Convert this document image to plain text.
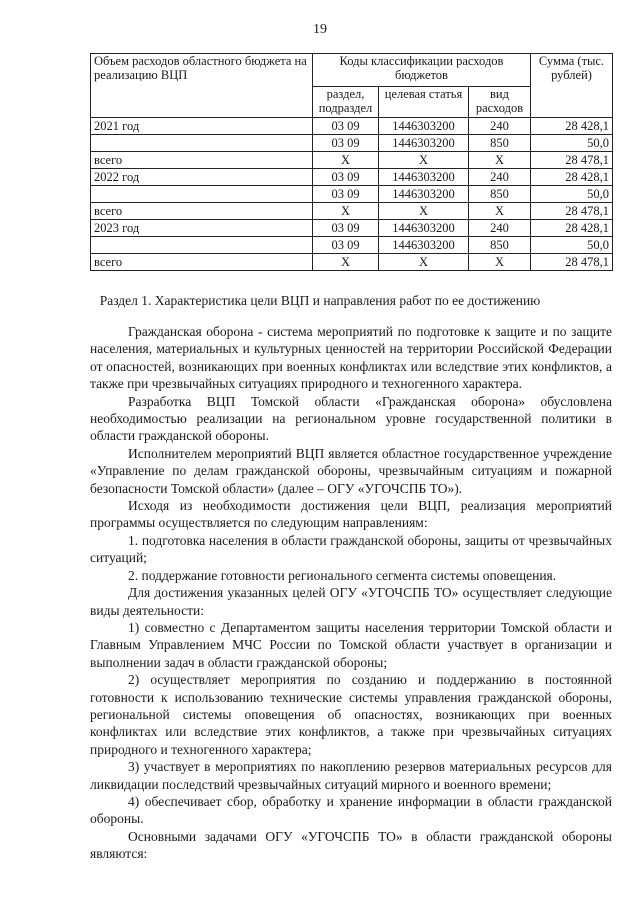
19
Объем расходов областного бюджета на реализацию ВЦП	Коды классификации расходов бюджетов			Сумма (тыс. рублей)
	раздел, подраздел	целевая статья	вид расходов	
2021 год	03 09	1446303200	240	28 428,1
	03 09	1446303200	850	50,0
всего	Х	Х	Х	28 478,1
2022 год	03 09	1446303200	240	28 428,1
	03 09	1446303200	850	50,0
всего	Х	Х	Х	28 478,1
2023 год	03 09	1446303200	240	28 428,1
	03 09	1446303200	850	50,0
всего	Х	Х	Х	28 478,1
Раздел 1. Характеристика цели ВЦП и направления работ по ее достижению

Гражданская оборона - система мероприятий по подготовке к защите и по защите населения, материальных и культурных ценностей на территории Российской Федерации от опасностей, возникающих при военных конфликтах или вследствие этих конфликтов, а также при чрезвычайных ситуациях природного и техногенного характера.

Разработка ВЦП Томской области «Гражданская оборона» обусловлена необходимостью реализации на региональном уровне государственной политики в области гражданской обороны.

Исполнителем мероприятий ВЦП является областное государственное учреждение «Управление по делам гражданской обороны, чрезвычайным ситуациям и пожарной безопасности Томской области» (далее – ОГУ «УГОЧСПБ ТО»).

Исходя из необходимости достижения цели ВЦП, реализация мероприятий программы осуществляется по следующим направлениям:

1. подготовка населения в области гражданской обороны, защиты от чрезвычайных ситуаций;

2. поддержание готовности регионального сегмента системы оповещения.

Для достижения указанных целей ОГУ «УГОЧСПБ ТО» осуществляет следующие виды деятельности:

1) совместно с Департаментом защиты населения территории Томской области и Главным Управлением МЧС России по Томской области участвует в организации и выполнении задач в области гражданской обороны;

2) осуществляет мероприятия по созданию и поддержанию в постоянной готовности к использованию технические системы управления гражданской обороны, региональной системы оповещения об опасностях, возникающих при военных конфликтах или вследствие этих конфликтов, а также при чрезвычайных ситуациях природного и техногенного характера;

3) участвует в мероприятиях по накоплению резервов материальных ресурсов для ликвидации последствий чрезвычайных ситуаций мирного и военного времени;

4) обеспечивает сбор, обработку и хранение информации в области гражданской обороны.

Основными задачами ОГУ «УГОЧСПБ ТО» в области гражданской обороны являются:
